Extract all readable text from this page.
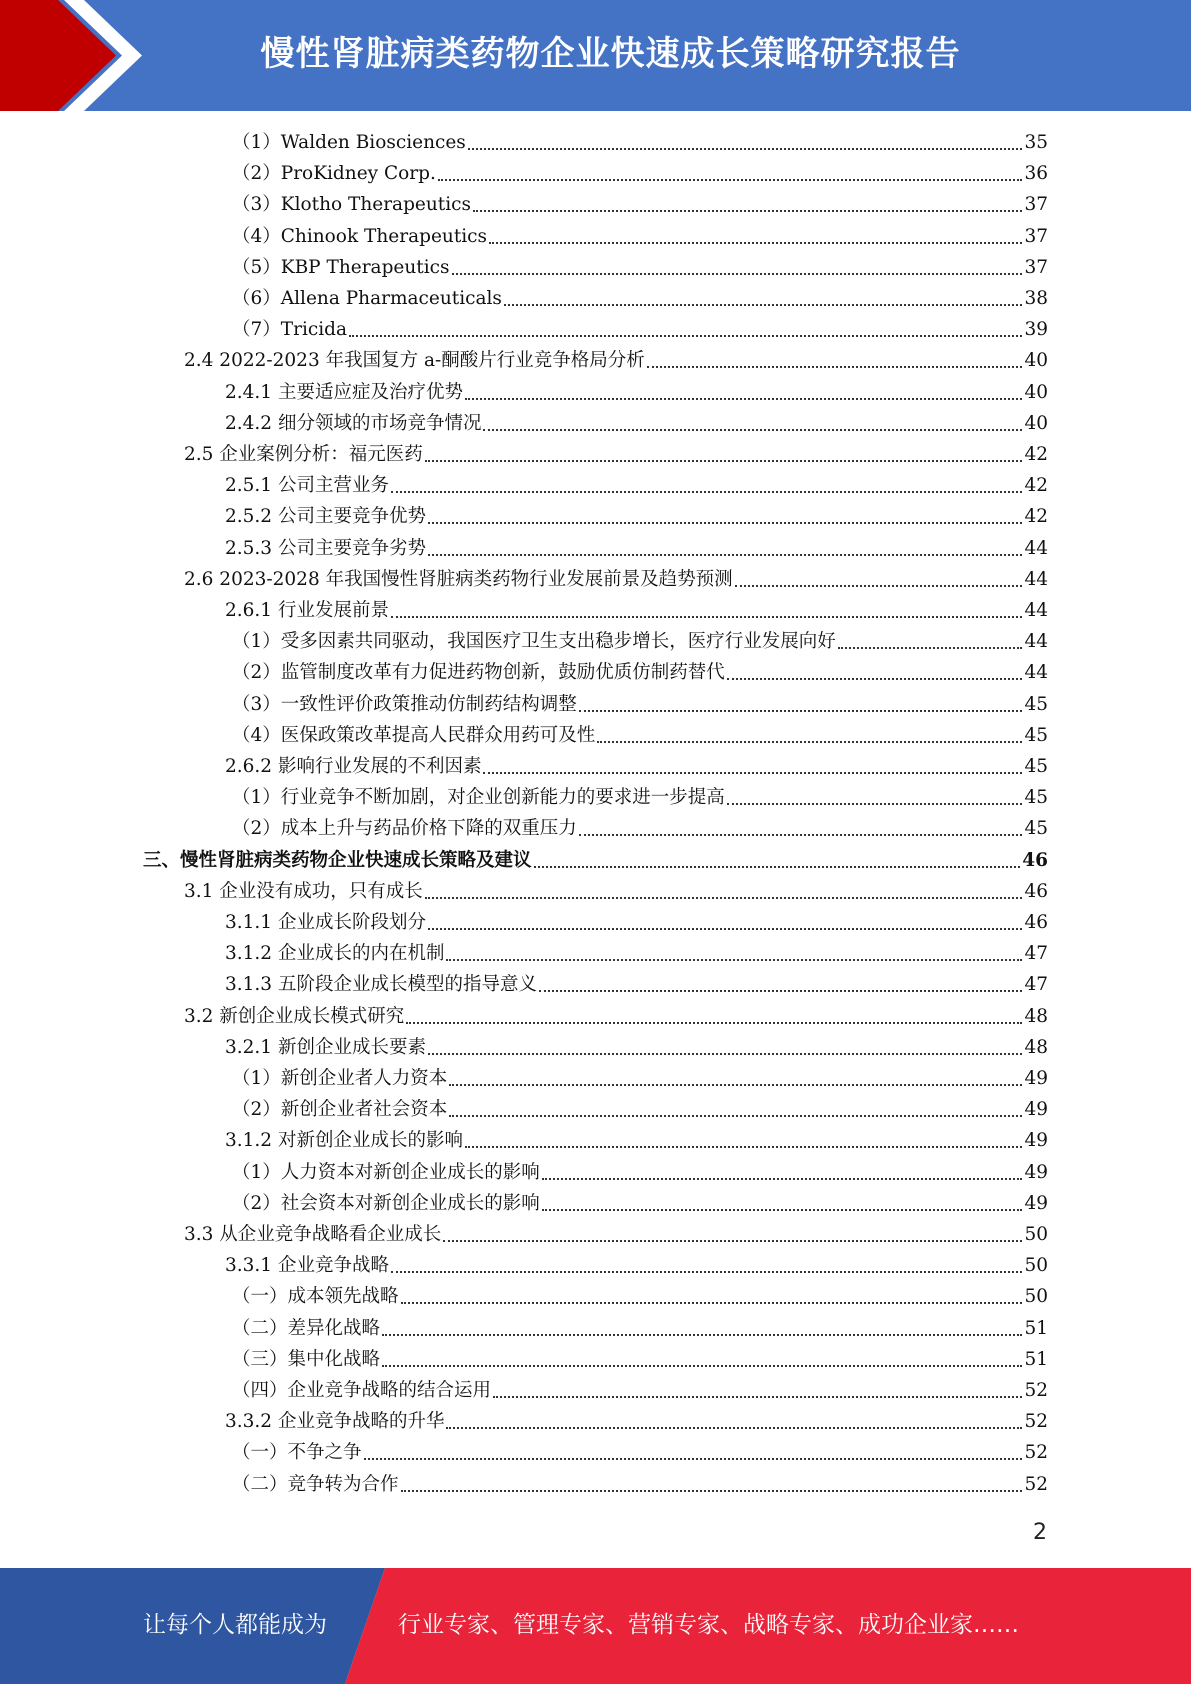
慢性肾脏病类药物企业快速成长策略研究报告
（1）Walden Biosciences	35
（2）ProKidney Corp.	36
（3）Klotho Therapeutics	37
（4）Chinook Therapeutics	37
（5）KBP Therapeutics	37
（6）Allena Pharmaceuticals	38
（7）Tricida	39
2.4 2022-2023 年我国复方 a-酮酸片行业竞争格局分析	40
2.4.1 主要适应症及治疗优势	40
2.4.2 细分领域的市场竞争情况	40
2.5 企业案例分析：福元医药	42
2.5.1 公司主营业务	42
2.5.2 公司主要竞争优势	42
2.5.3 公司主要竞争劣势	44
2.6 2023-2028 年我国慢性肾脏病类药物行业发展前景及趋势预测	44
2.6.1 行业发展前景	44
（1）受多因素共同驱动，我国医疗卫生支出稳步增长，医疗行业发展向好	44
（2）监管制度改革有力促进药物创新，鼓励优质仿制药替代	44
（3）一致性评价政策推动仿制药结构调整	45
（4）医保政策改革提高人民群众用药可及性	45
2.6.2 影响行业发展的不利因素	45
（1）行业竞争不断加剧，对企业创新能力的要求进一步提高	45
（2）成本上升与药品价格下降的双重压力	45
三、慢性肾脏病类药物企业快速成长策略及建议	46
3.1 企业没有成功，只有成长	46
3.1.1 企业成长阶段划分	46
3.1.2 企业成长的内在机制	47
3.1.3 五阶段企业成长模型的指导意义	47
3.2 新创企业成长模式研究	48
3.2.1 新创企业成长要素	48
（1）新创企业者人力资本	49
（2）新创企业者社会资本	49
3.1.2 对新创企业成长的影响	49
（1）人力资本对新创企业成长的影响	49
（2）社会资本对新创企业成长的影响	49
3.3 从企业竞争战略看企业成长	50
3.3.1 企业竞争战略	50
（一）成本领先战略	50
（二）差异化战略	51
（三）集中化战略	51
（四）企业竞争战略的结合运用	52
3.3.2 企业竞争战略的升华	52
（一）不争之争	52
（二）竞争转为合作	52
2
让每个人都能成为	行业专家、管理专家、营销专家、战略专家、成功企业家……
